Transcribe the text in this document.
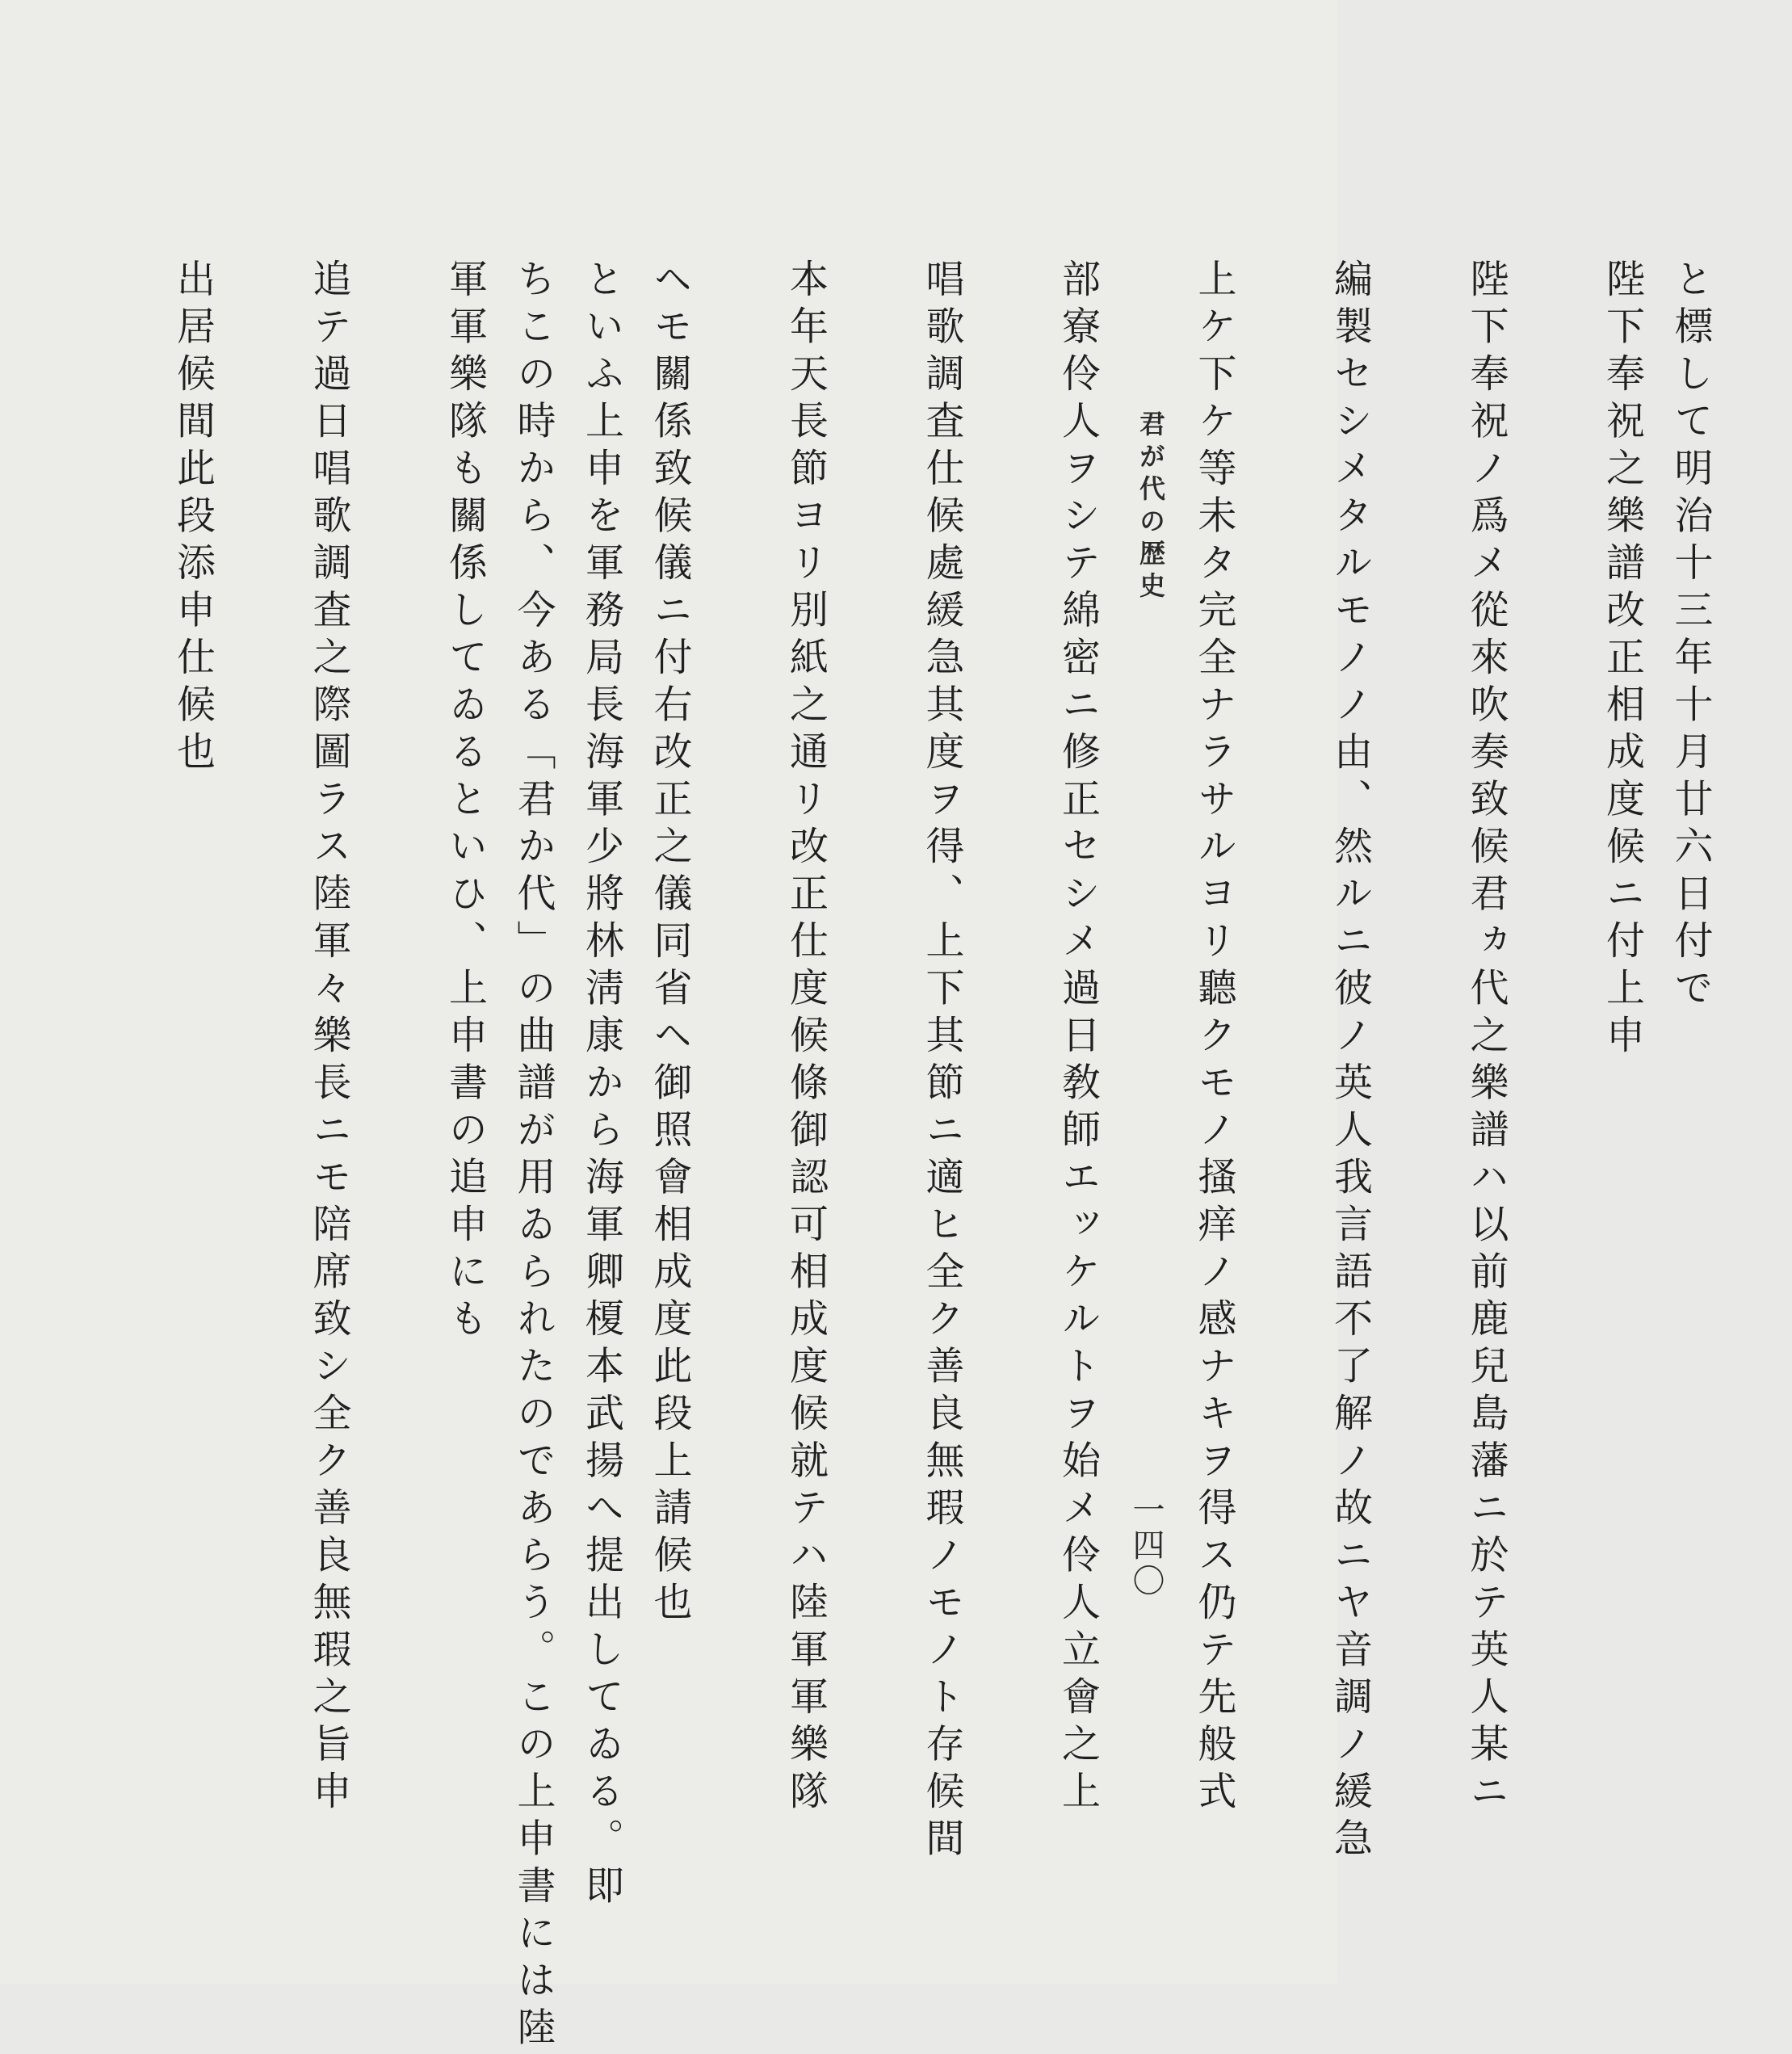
君が代の歴史
一四〇
と標して明治十三年十月廿六日付で
陛下奉祝之樂譜改正相成度候ニ付上申
陛下奉祝ノ爲メ從來吹奏致候君ヵ代之樂譜ハ以前鹿兒島藩ニ於テ英人某ニ
編製セシメタルモノノ由、然ルニ彼ノ英人我言語不了解ノ故ニヤ音調ノ緩急
上ケ下ケ等未タ完全ナラサルヨリ聽クモノ搔痒ノ感ナキヲ得ス仍テ先般式
部寮伶人ヲシテ綿密ニ修正セシメ過日敎師エッケルトヲ始メ伶人立會之上
唱歌調査仕候處緩急其度ヲ得、上下其節ニ適ヒ全ク善良無瑕ノモノト存候間
本年天長節ヨリ別紙之通リ改正仕度候條御認可相成度候就テハ陸軍軍樂隊
ヘモ關係致候儀ニ付右改正之儀同省ヘ御照會相成度此段上請候也
といふ上申を軍務局長海軍少將林淸康から海軍卿榎本武揚へ提出してゐる。即
ちこの時から、今ある「君か代」の曲譜が用ゐられたのであらう。この上申書には陸
軍軍樂隊も關係してゐるといひ、上申書の追申にも
追テ過日唱歌調査之際圖ラス陸軍々樂長ニモ陪席致シ全ク善良無瑕之旨申
出居候間此段添申仕候也
